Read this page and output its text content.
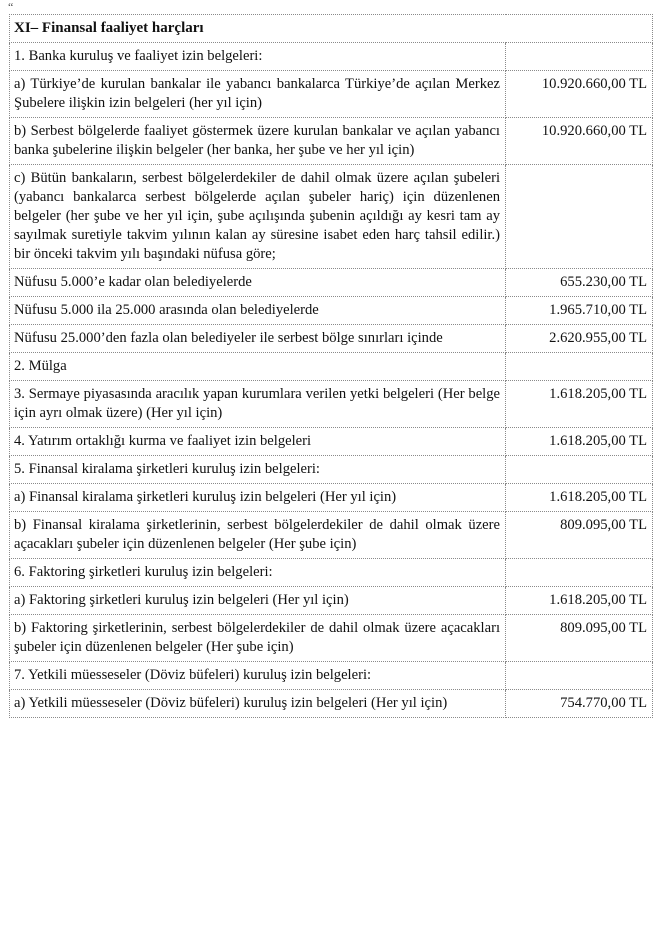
“
XI– Finansal faaliyet harçları	
1. Banka kuruluş ve faaliyet izin belgeleri:	
a) Türkiye’de kurulan bankalar ile yabancı bankalarca Türkiye’de açılan Merkez Şubelere ilişkin izin belgeleri (her yıl için)	10.920.660,00 TL
b) Serbest bölgelerde faaliyet göstermek üzere kurulan bankalar ve açılan yabancı banka şubelerine ilişkin belgeler (her banka, her şube ve her yıl için)	10.920.660,00 TL
c) Bütün bankaların, serbest bölgelerdekiler de dahil olmak üzere açılan şubeleri (yabancı bankalarca serbest bölgelerde açılan şubeler hariç) için düzenlenen belgeler (her şube ve her yıl için, şube açılışında şubenin açıldığı ay kesri tam ay sayılmak suretiyle takvim yılının kalan ay süresine isabet eden harç tahsil edilir.) bir önceki takvim yılı başındaki nüfusa göre;	
Nüfusu 5.000’e kadar olan belediyelerde	655.230,00 TL
Nüfusu 5.000 ila 25.000 arasında olan belediyelerde	1.965.710,00 TL
Nüfusu 25.000’den fazla olan belediyeler ile serbest bölge sınırları içinde	2.620.955,00 TL
2. Mülga	
3. Sermaye piyasasında aracılık yapan kurumlara verilen yetki belgeleri (Her belge için ayrı olmak üzere) (Her yıl için)	1.618.205,00 TL
4. Yatırım ortaklığı kurma ve faaliyet izin belgeleri	1.618.205,00 TL
5. Finansal kiralama şirketleri kuruluş izin belgeleri:	
a) Finansal kiralama şirketleri kuruluş izin belgeleri (Her yıl için)	1.618.205,00 TL
b) Finansal kiralama şirketlerinin, serbest bölgelerdekiler de dahil olmak üzere açacakları şubeler için düzenlenen belgeler (Her şube için)	809.095,00 TL
6. Faktoring şirketleri kuruluş izin belgeleri:	
a) Faktoring şirketleri kuruluş izin belgeleri (Her yıl için)	1.618.205,00 TL
b) Faktoring şirketlerinin, serbest bölgelerdekiler de dahil olmak üzere açacakları şubeler için düzenlenen belgeler (Her şube için)	809.095,00 TL
7. Yetkili müesseseler (Döviz büfeleri) kuruluş izin belgeleri:	
a) Yetkili müesseseler (Döviz büfeleri) kuruluş izin belgeleri (Her yıl için)	754.770,00 TL
